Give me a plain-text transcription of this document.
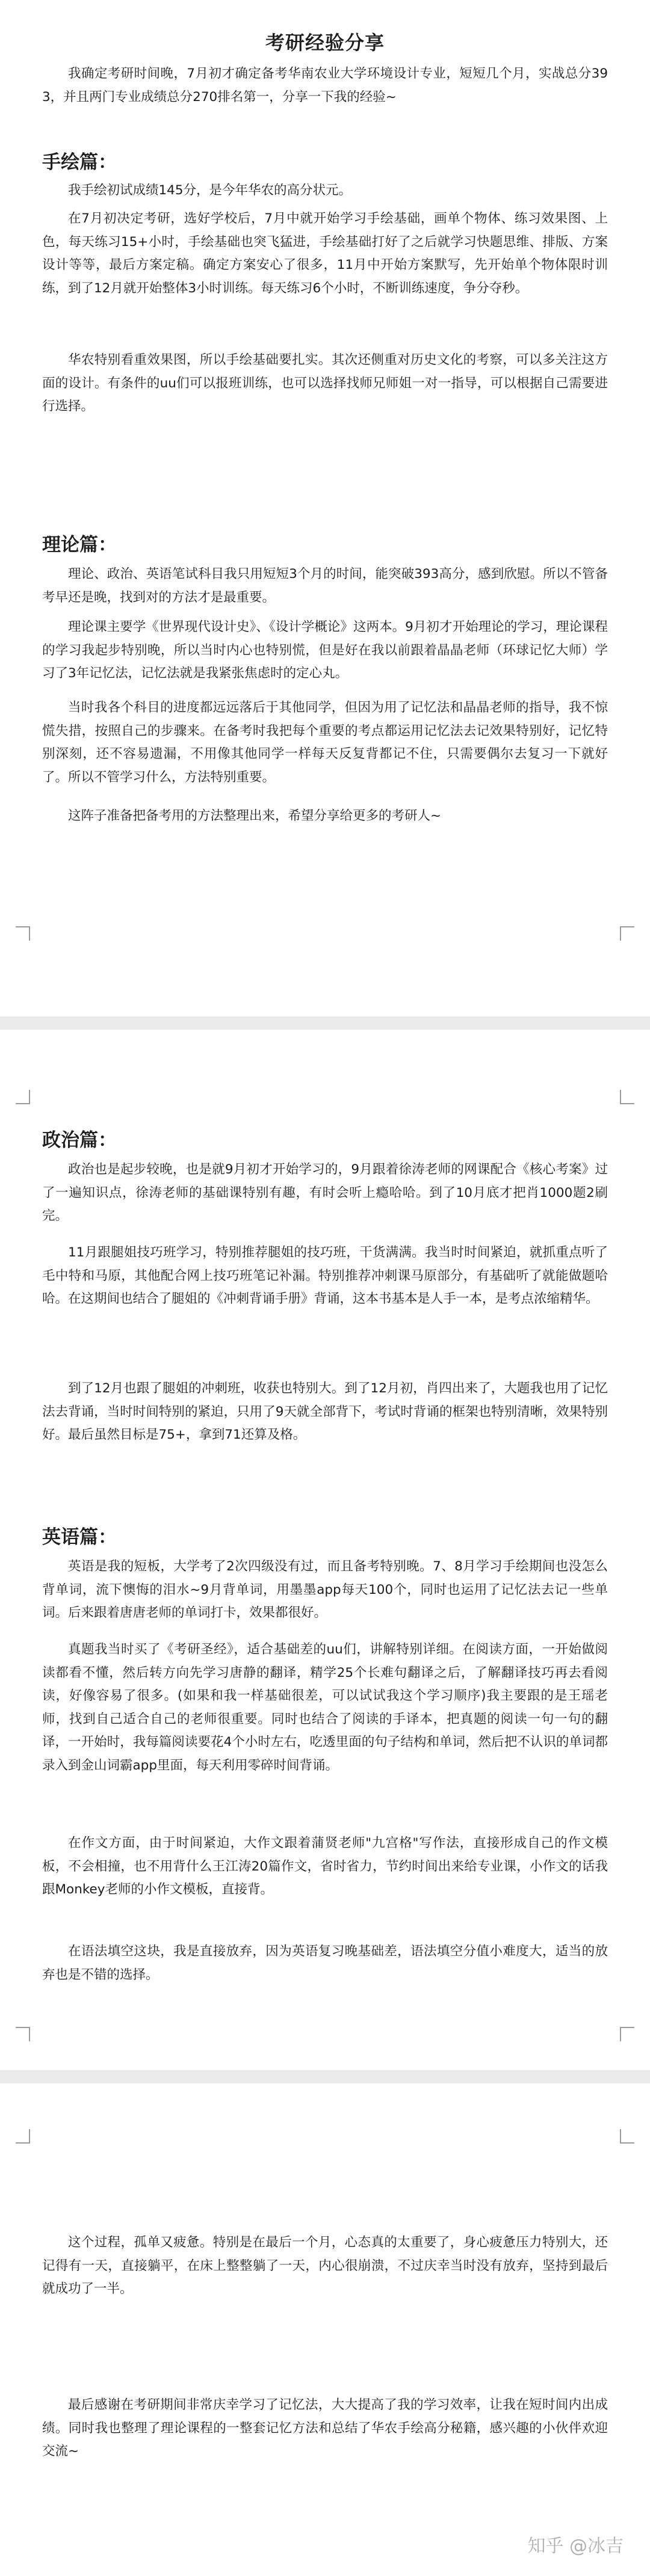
考研经验分享
我确定考研时间晚，7月初才确定备考华南农业大学环境设计专业，短短几个月，实战总分393，并且两门专业成绩总分270排名第一，分享一下我的经验~
手绘篇：
我手绘初试成绩145分，是今年华农的高分状元。
在7月初决定考研，选好学校后，7月中就开始学习手绘基础，画单个物体、练习效果图、上色，每天练习15+小时，手绘基础也突飞猛进，手绘基础打好了之后就学习快题思维、排版、方案设计等等，最后方案定稿。确定方案安心了很多，11月中开始方案默写，先开始单个物体限时训练，到了12月就开始整体3小时训练。每天练习6个小时，不断训练速度，争分夺秒。
华农特别看重效果图，所以手绘基础要扎实。其次还侧重对历史文化的考察，可以多关注这方面的设计。有条件的uu们可以报班训练，也可以选择找师兄师姐一对一指导，可以根据自己需要进行选择。
理论篇：
理论、政治、英语笔试科目我只用短短3个月的时间，能突破393高分，感到欣慰。所以不管备考早还是晚，找到对的方法才是最重要。
理论课主要学《世界现代设计史》、《设计学概论》这两本。9月初才开始理论的学习，理论课程的学习我起步特别晚，所以当时内心也特别慌，但是好在我以前跟着晶晶老师（环球记忆大师）学习了3年记忆法，记忆法就是我紧张焦虑时的定心丸。
当时我各个科目的进度都远远落后于其他同学，但因为用了记忆法和晶晶老师的指导，我不惊慌失措，按照自己的步骤来。在备考时我把每个重要的考点都运用记忆法去记效果特别好，记忆特别深刻，还不容易遗漏，不用像其他同学一样每天反复背都记不住，只需要偶尔去复习一下就好了。所以不管学习什么，方法特别重要。
这阵子准备把备考用的方法整理出来，希望分享给更多的考研人~
政治篇：
政治也是起步较晚，也是就9月初才开始学习的，9月跟着徐涛老师的网课配合《核心考案》过了一遍知识点，徐涛老师的基础课特别有趣，有时会听上瘾哈哈。到了10月底才把肖1000题2刷完。
11月跟腿姐技巧班学习，特别推荐腿姐的技巧班，干货满满。我当时时间紧迫，就抓重点听了毛中特和马原，其他配合网上技巧班笔记补漏。特别推荐冲刺课马原部分，有基础听了就能做题哈哈。在这期间也结合了腿姐的《冲刺背诵手册》背诵，这本书基本是人手一本，是考点浓缩精华。
到了12月也跟了腿姐的冲刺班，收获也特别大。到了12月初，肖四出来了，大题我也用了记忆法去背诵，当时时间特别的紧迫，只用了9天就全部背下，考试时背诵的框架也特别清晰，效果特别好。最后虽然目标是75+，拿到71还算及格。
英语篇：
英语是我的短板，大学考了2次四级没有过，而且备考特别晚。7、8月学习手绘期间也没怎么背单词，流下懊悔的泪水~9月背单词，用墨墨app每天100个，同时也运用了记忆法去记一些单词。后来跟着唐唐老师的单词打卡，效果都很好。
真题我当时买了《考研圣经》，适合基础差的uu们，讲解特别详细。在阅读方面，一开始做阅读都看不懂，然后转方向先学习唐静的翻译，精学25个长难句翻译之后，了解翻译技巧再去看阅读，好像容易了很多。(如果和我一样基础很差，可以试试我这个学习顺序)我主要跟的是王瑶老师，找到自己适合自己的老师很重要。同时也结合了阅读的手译本，把真题的阅读一句一句的翻译，一开始时，我每篇阅读要花4个小时左右，吃透里面的句子结构和单词，然后把不认识的单词都录入到金山词霸app里面，每天利用零碎时间背诵。
在作文方面，由于时间紧迫，大作文跟着蒲贤老师"九宫格"写作法，直接形成自己的作文模板，不会相撞，也不用背什么王江涛20篇作文，省时省力，节约时间出来给专业课，小作文的话我跟Monkey老师的小作文模板，直接背。
在语法填空这块，我是直接放弃，因为英语复习晚基础差，语法填空分值小难度大，适当的放弃也是不错的选择。
这个过程，孤单又疲惫。特别是在最后一个月，心态真的太重要了，身心疲惫压力特别大，还记得有一天，直接躺平，在床上整整躺了一天，内心很崩溃，不过庆幸当时没有放弃，坚持到最后就成功了一半。
最后感谢在考研期间非常庆幸学习了记忆法，大大提高了我的学习效率，让我在短时间内出成绩。同时我也整理了理论课程的一整套记忆方法和总结了华农手绘高分秘籍，感兴趣的小伙伴欢迎交流~
知乎 @冰吉
